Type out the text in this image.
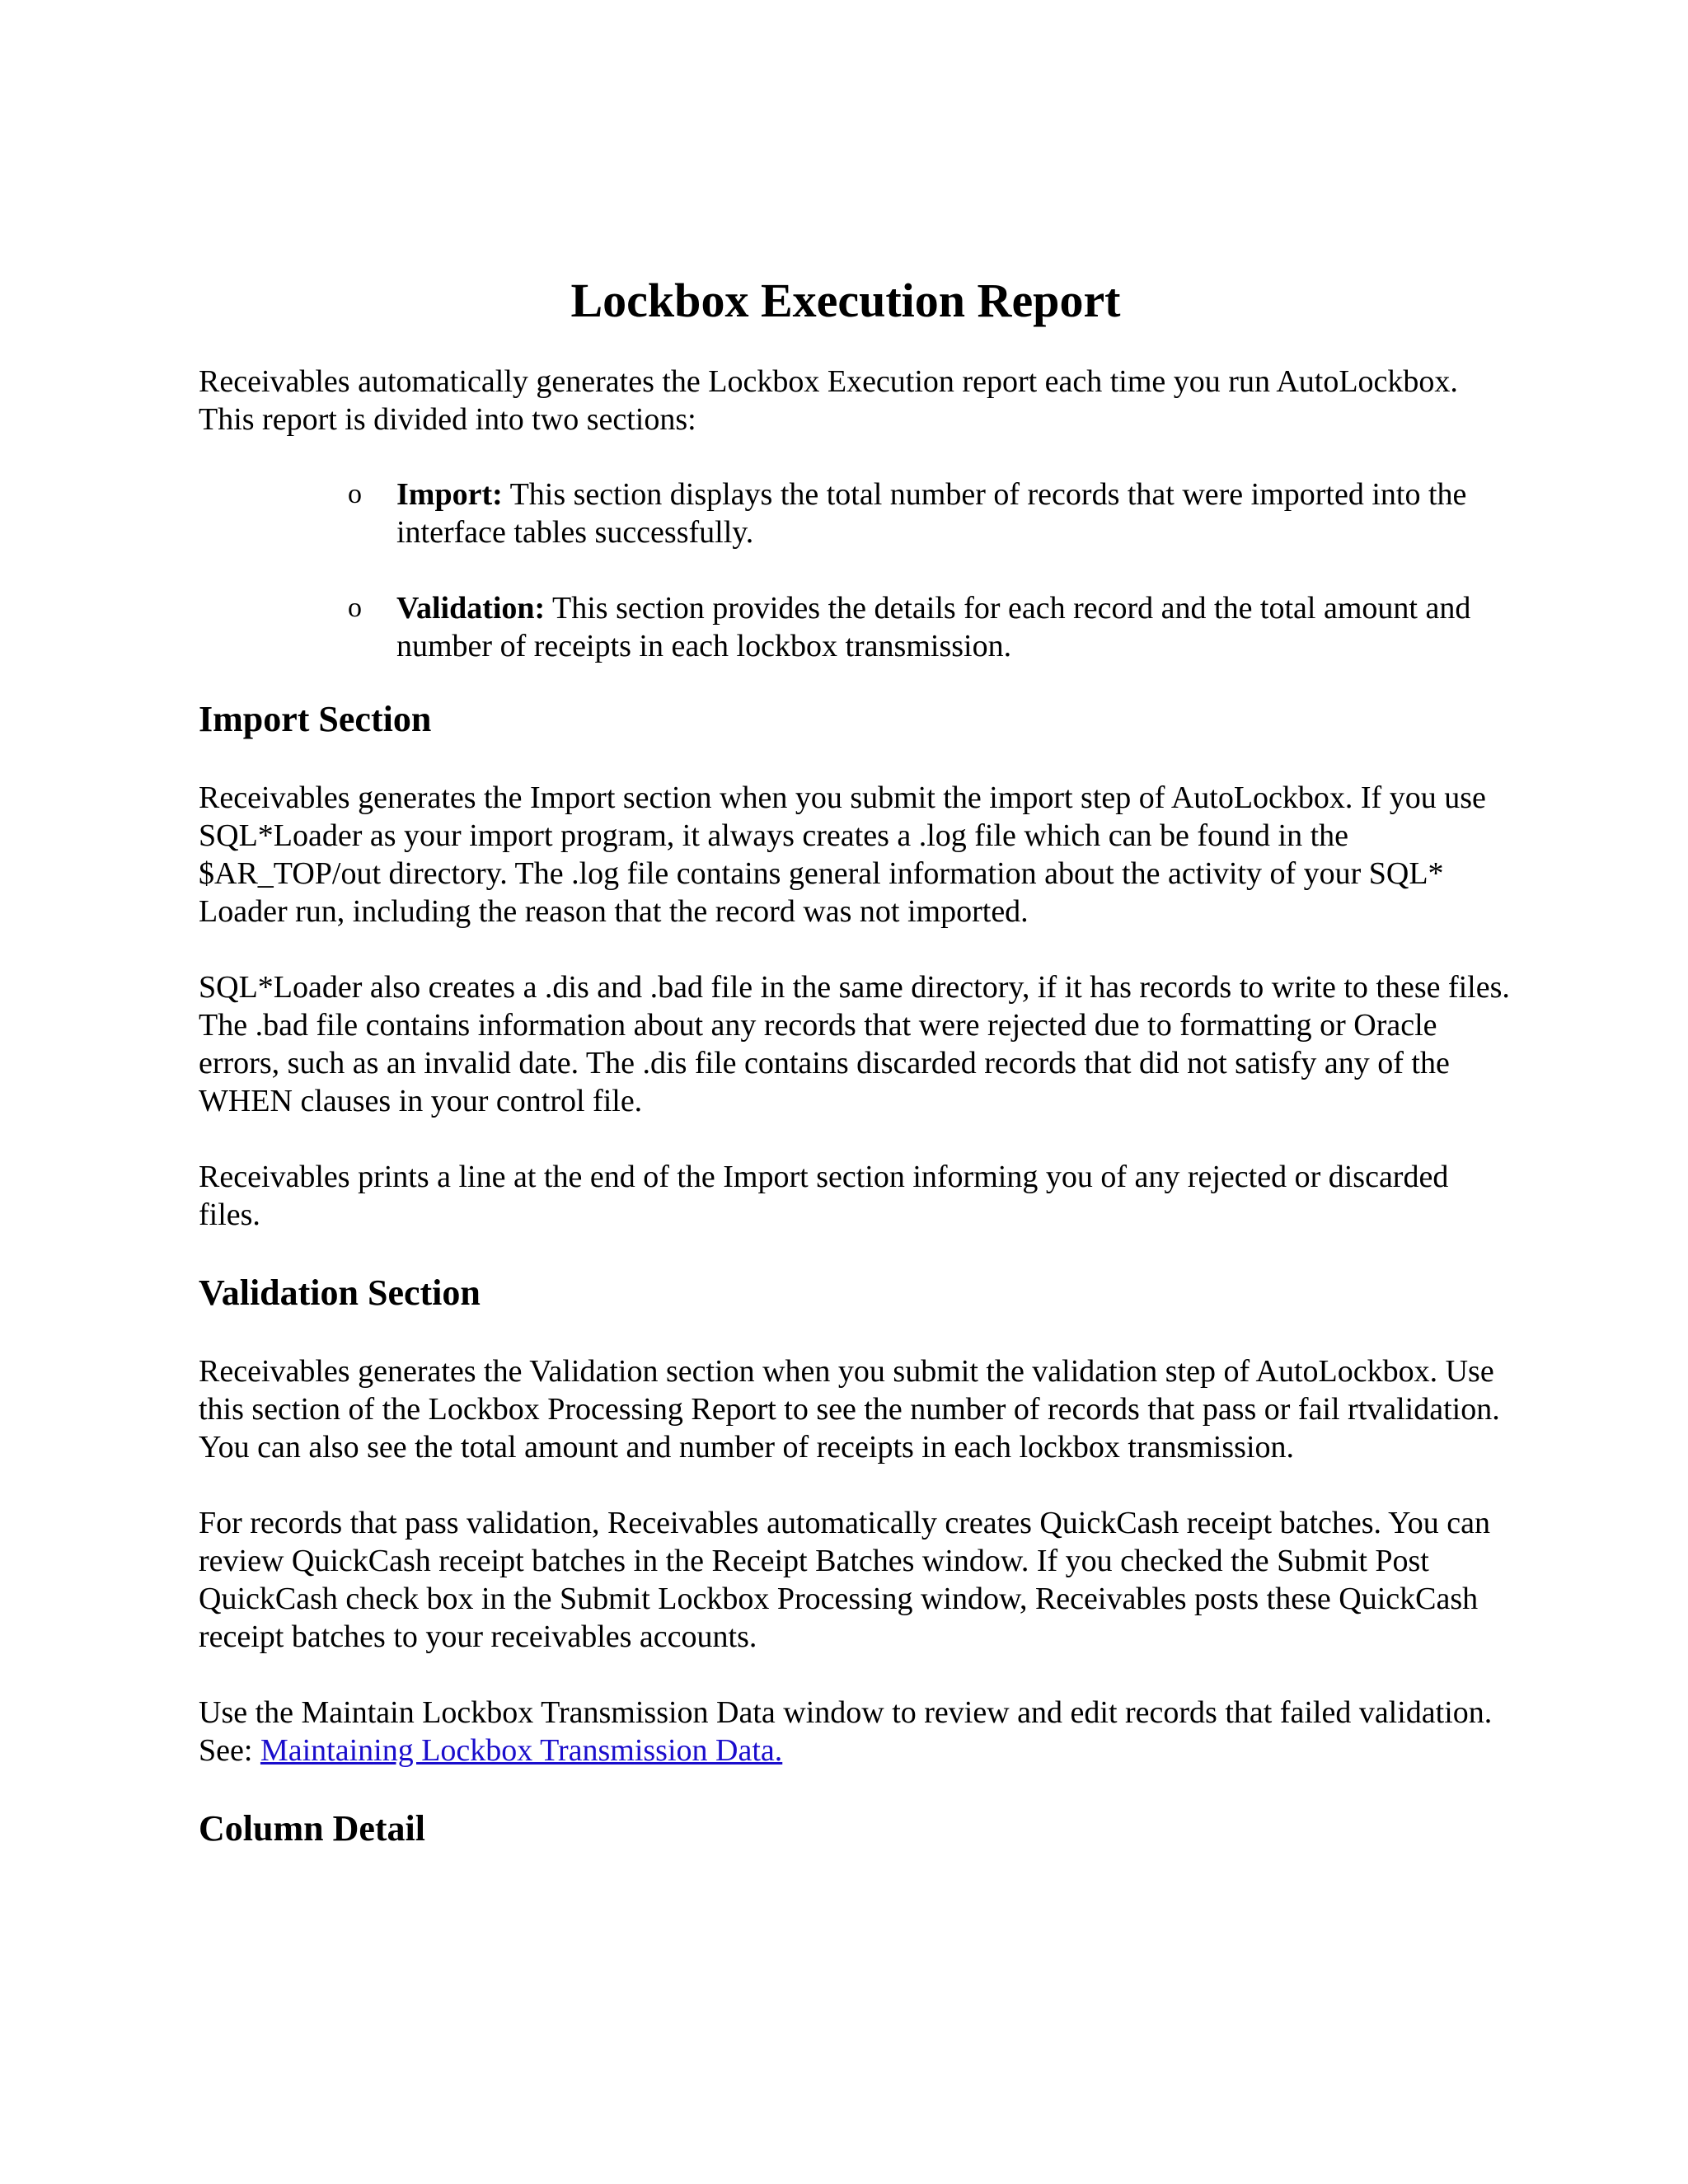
Lockbox Execution Report

Receivables automatically generates the Lockbox Execution report each time you run AutoLockbox. This report is divided into two sections:

o Import: This section displays the total number of records that were imported into the interface tables successfully.
o Validation: This section provides the details for each record and the total amount and number of receipts in each lockbox transmission.
Import Section

Receivables generates the Import section when you submit the import step of AutoLockbox. If you use SQL*Loader as your import program, it always creates a .log file which can be found in the $AR_TOP/out directory. The .log file contains general information about the activity of your SQL* Loader run, including the reason that the record was not imported.

SQL*Loader also creates a .dis and .bad file in the same directory, if it has records to write to these files. The .bad file contains information about any records that were rejected due to formatting or Oracle errors, such as an invalid date. The .dis file contains discarded records that did not satisfy any of the WHEN clauses in your control file.

Receivables prints a line at the end of the Import section informing you of any rejected or discarded files.

Validation Section

Receivables generates the Validation section when you submit the validation step of AutoLockbox. Use this section of the Lockbox Processing Report to see the number of records that pass or fail rtvalidation. You can also see the total amount and number of receipts in each lockbox transmission.

For records that pass validation, Receivables automatically creates QuickCash receipt batches. You can review QuickCash receipt batches in the Receipt Batches window. If you checked the Submit Post QuickCash check box in the Submit Lockbox Processing window, Receivables posts these QuickCash receipt batches to your receivables accounts.

Use the Maintain Lockbox Transmission Data window to review and edit records that failed validation. See: Maintaining Lockbox Transmission Data.

Column Detail
